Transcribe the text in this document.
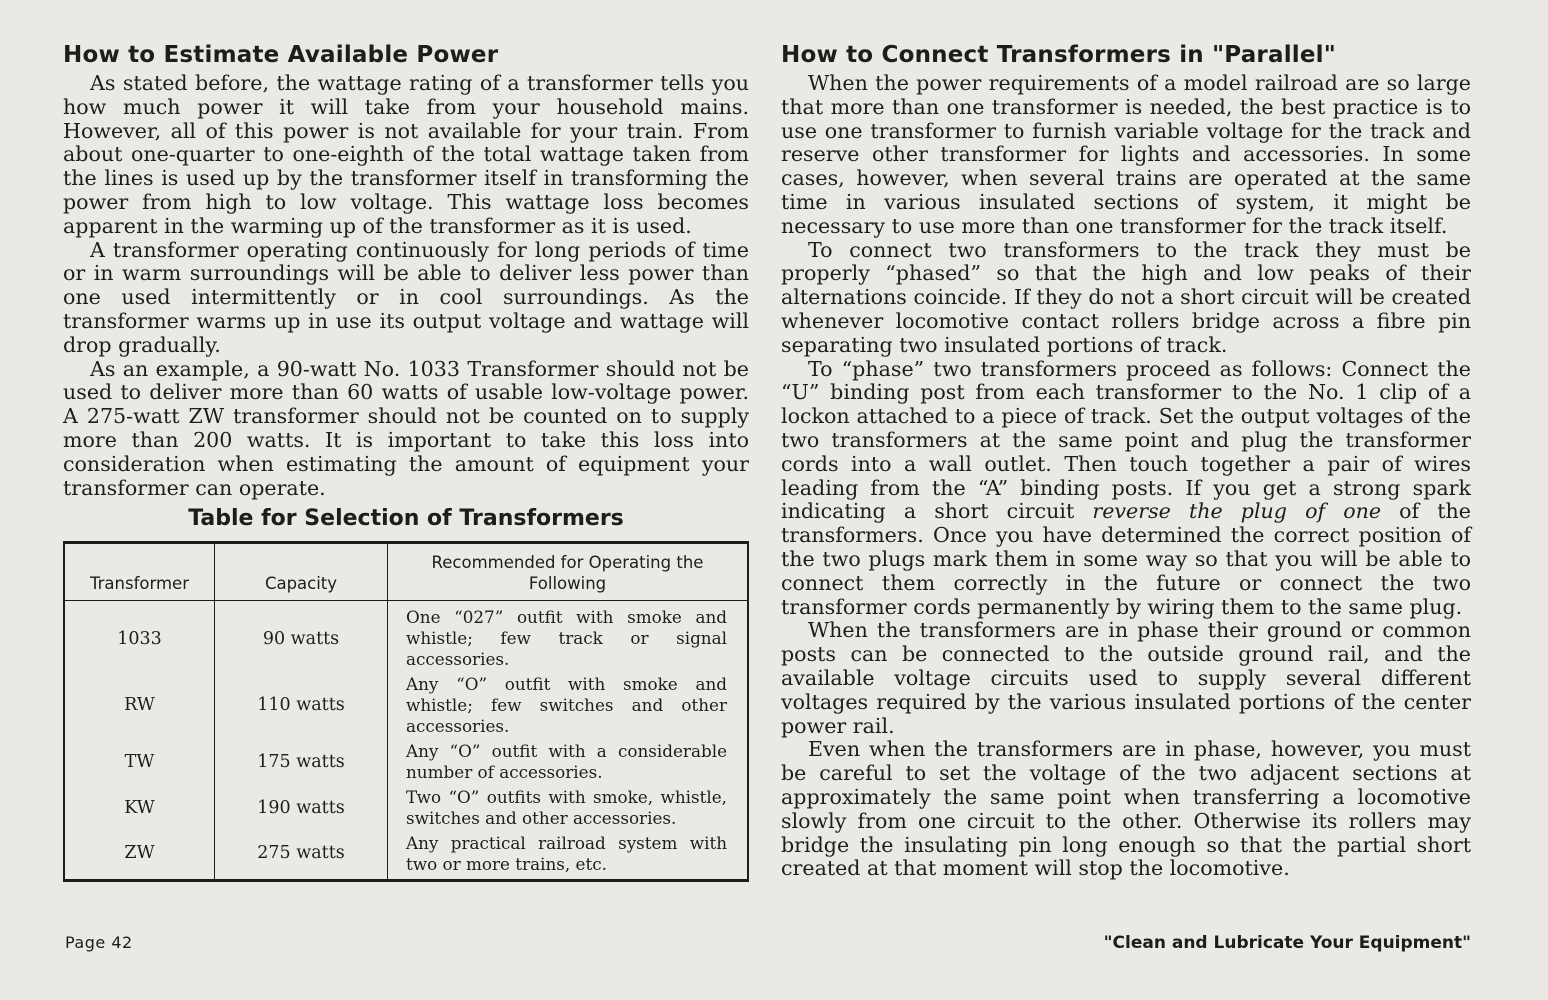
How to Estimate Available Power

As stated before, the wattage rating of a transformer tells you how much power it will take from your household mains. However, all of this power is not available for your train. From about one-quarter to one-eighth of the total wattage taken from the lines is used up by the transformer itself in transforming the power from high to low voltage. This wattage loss becomes apparent in the warming up of the transformer as it is used.

A transformer operating continuously for long periods of time or in warm surroundings will be able to deliver less power than one used intermittently or in cool surroundings. As the transformer warms up in use its output voltage and wattage will drop gradually.

As an example, a 90-watt No. 1033 Transformer should not be used to deliver more than 60 watts of usable low-voltage power. A 275-watt ZW transformer should not be counted on to supply more than 200 watts. It is important to take this loss into consideration when estimating the amount of equipment your transformer can operate.

Table for Selection of Transformers
Transformer	Capacity	Recommended for Operating the Following
1033	90 watts	One “027” outfit with smoke and whistle; few track or signal accessories.
RW	110 watts	Any “O” outfit with smoke and whistle; few switches and other accessories.
TW	175 watts	Any “O” outfit with a considerable number of accessories.
KW	190 watts	Two “O” outfits with smoke, whistle, switches and other accessories.
ZW	275 watts	Any practical railroad system with two or more trains, etc.
How to Connect Transformers in "Parallel"

When the power requirements of a model railroad are so large that more than one transformer is needed, the best practice is to use one transformer to furnish variable voltage for the track and reserve other transformer for lights and accessories. In some cases, however, when several trains are operated at the same time in various insulated sections of system, it might be necessary to use more than one transformer for the track itself.

To connect two transformers to the track they must be properly “phased” so that the high and low peaks of their alternations coincide. If they do not a short circuit will be created whenever locomotive contact rollers bridge across a fibre pin separating two insulated portions of track.

To “phase” two transformers proceed as follows: Connect the “U” binding post from each transformer to the No. 1 clip of a lockon attached to a piece of track. Set the output voltages of the two transformers at the same point and plug the transformer cords into a wall outlet. Then touch together a pair of wires leading from the “A” binding posts. If you get a strong spark indicating a short circuit reverse the plug of one of the transformers. Once you have determined the correct position of the two plugs mark them in some way so that you will be able to connect them correctly in the future or connect the two transformer cords permanently by wiring them to the same plug.

When the transformers are in phase their ground or common posts can be connected to the outside ground rail, and the available voltage circuits used to supply several different voltages required by the various insulated portions of the center power rail.

Even when the transformers are in phase, however, you must be careful to set the voltage of the two adjacent sections at approximately the same point when transferring a locomotive slowly from one circuit to the other. Otherwise its rollers may bridge the insulating pin long enough so that the partial short created at that moment will stop the locomotive.

Page 42	"Clean and Lubricate Your Equipment"
